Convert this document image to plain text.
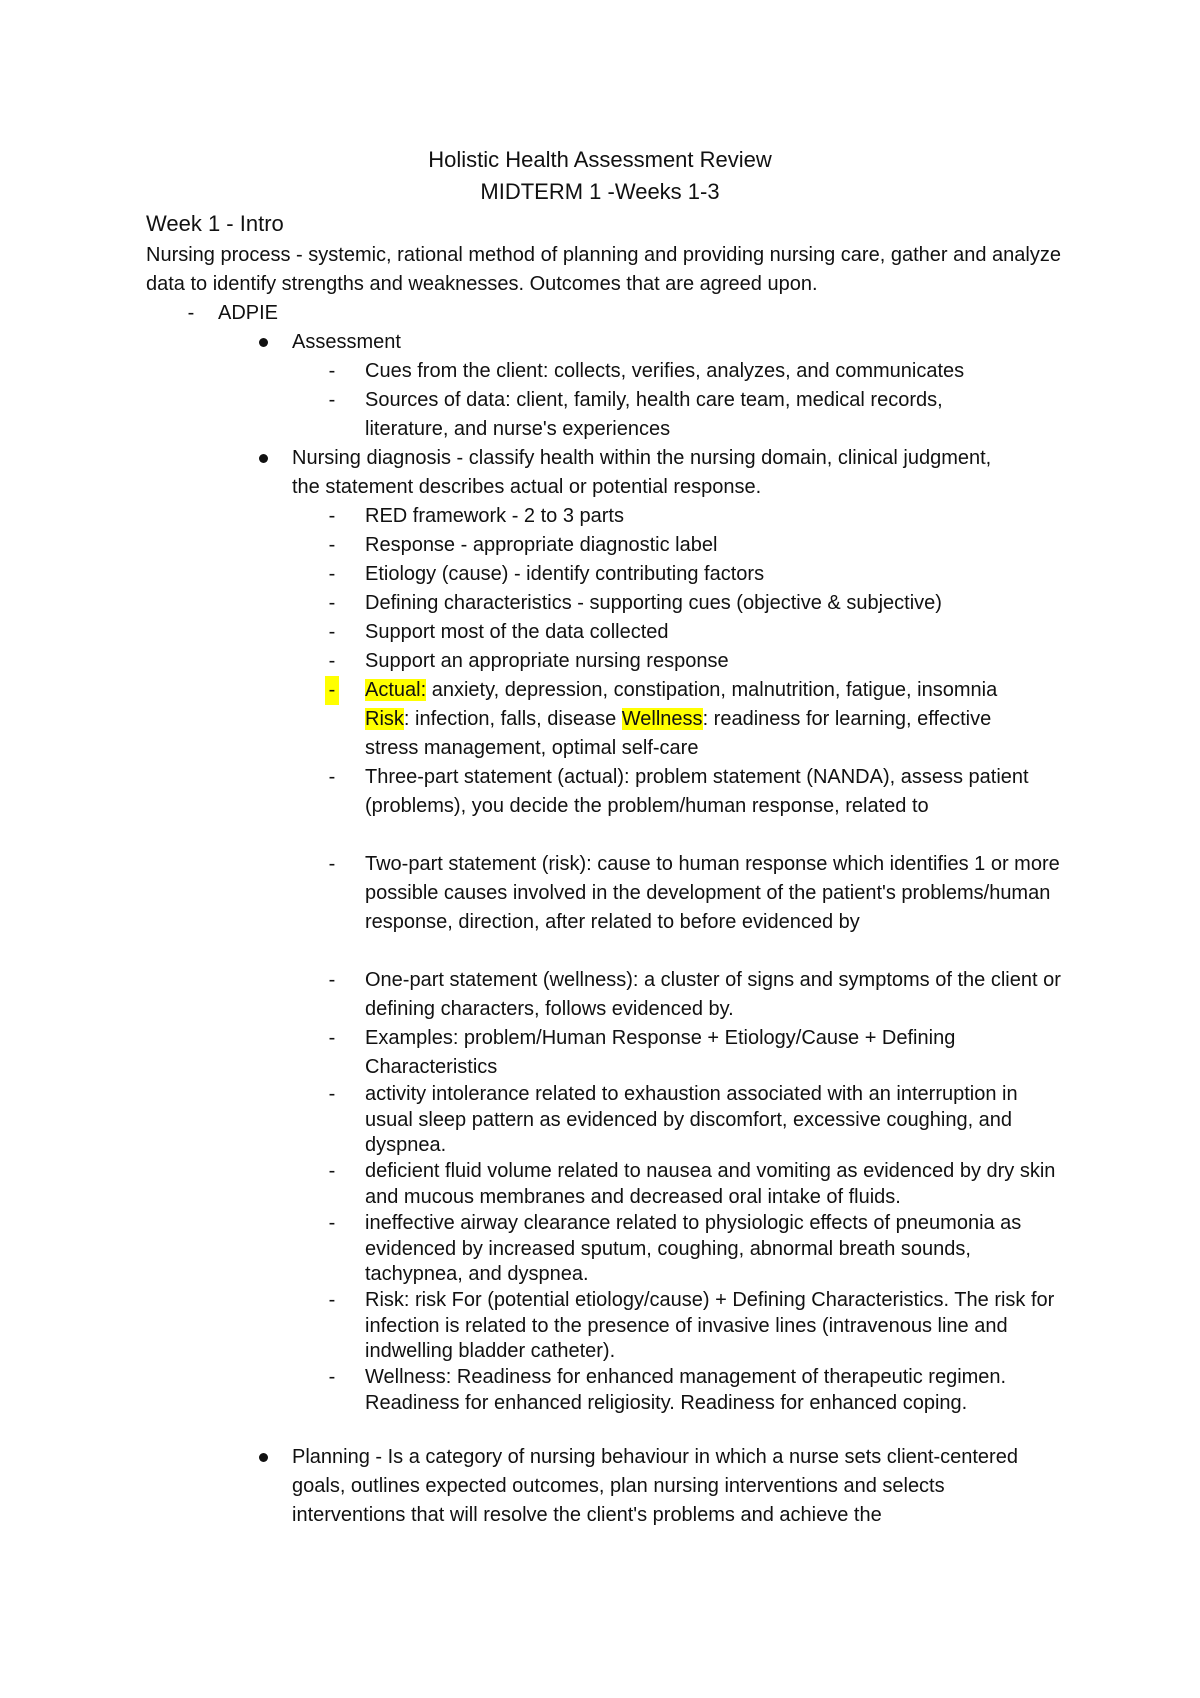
Holistic Health Assessment Review
MIDTERM 1 -Weeks 1-3
Week 1 - Intro
Nursing process - systemic, rational method of planning and providing nursing care, gather and analyze data to identify strengths and weaknesses. Outcomes that are agreed upon.
- ADPIE
Assessment
- Cues from the client: collects, verifies, analyzes, and communicates
- Sources of data: client, family, health care team, medical records, literature, and nurse's experiences
Nursing diagnosis - classify health within the nursing domain, clinical judgment, the statement describes actual or potential response.
- RED framework - 2 to 3 parts
- Response - appropriate diagnostic label
- Etiology (cause) - identify contributing factors
- Defining characteristics - supporting cues (objective & subjective)
- Support most of the data collected
- Support an appropriate nursing response
- Actual: anxiety, depression, constipation, malnutrition, fatigue, insomnia Risk: infection, falls, disease Wellness: readiness for learning, effective stress management, optimal self-care
- Three-part statement (actual): problem statement (NANDA), assess patient (problems), you decide the problem/human response, related to
- Two-part statement (risk): cause to human response which identifies 1 or more possible causes involved in the development of the patient's problems/human response, direction, after related to before evidenced by
- One-part statement (wellness): a cluster of signs and symptoms of the client or defining characters, follows evidenced by.
- Examples: problem/Human Response + Etiology/Cause + Defining Characteristics
- activity intolerance related to exhaustion associated with an interruption in usual sleep pattern as evidenced by discomfort, excessive coughing, and dyspnea.
- deficient fluid volume related to nausea and vomiting as evidenced by dry skin and mucous membranes and decreased oral intake of fluids.
- ineffective airway clearance related to physiologic effects of pneumonia as evidenced by increased sputum, coughing, abnormal breath sounds, tachypnea, and dyspnea.
- Risk: risk For (potential etiology/cause) + Defining Characteristics. The risk for infection is related to the presence of invasive lines (intravenous line and indwelling bladder catheter).
- Wellness: Readiness for enhanced management of therapeutic regimen. Readiness for enhanced religiosity. Readiness for enhanced coping.
Planning - Is a category of nursing behaviour in which a nurse sets client-centered goals, outlines expected outcomes, plan nursing interventions and selects interventions that will resolve the client's problems and achieve the
